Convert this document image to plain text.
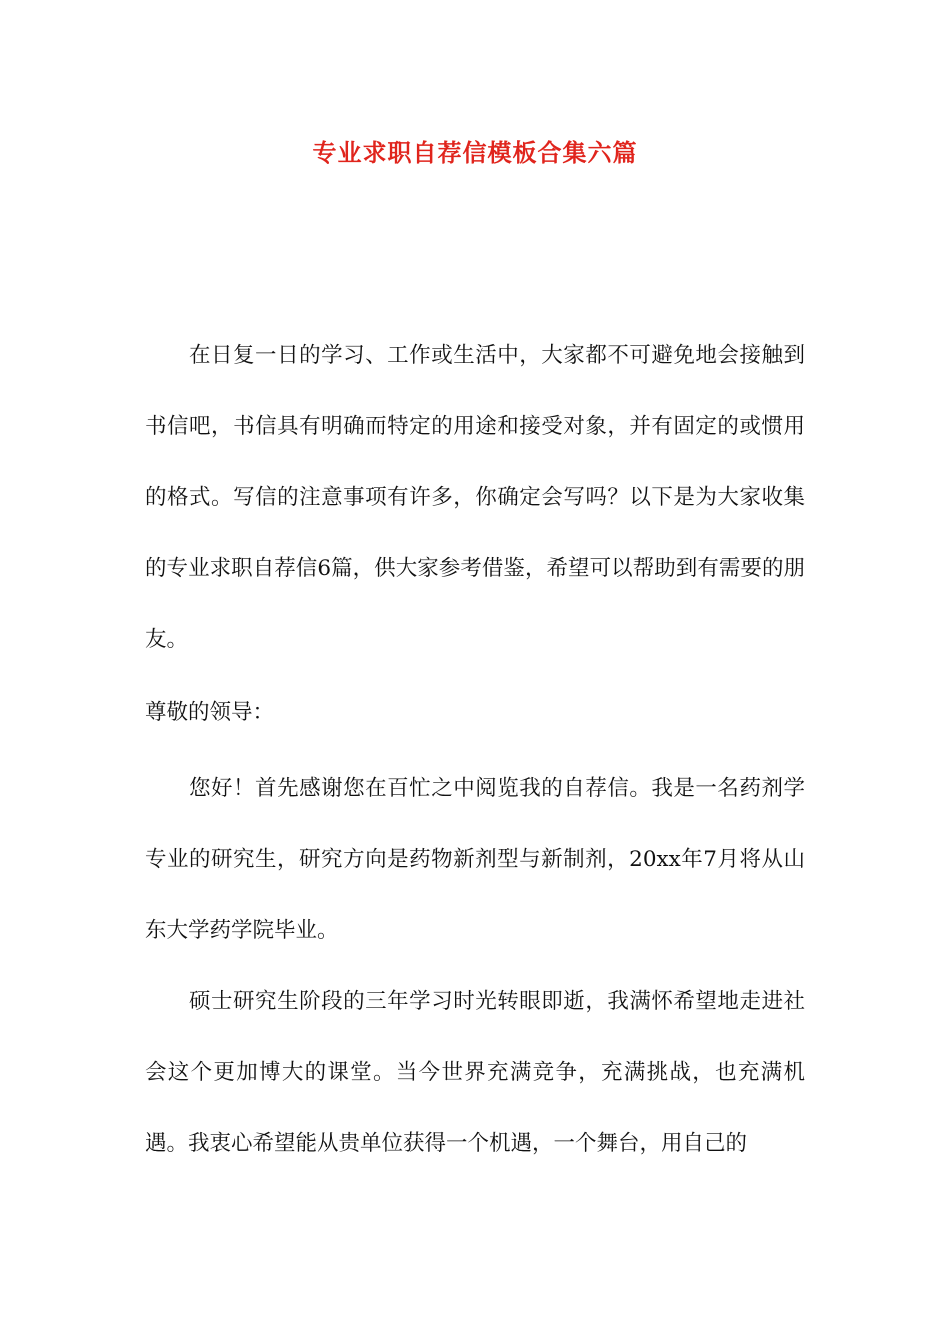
专业求职自荐信模板合集六篇

在日复一日的学习、工作或生活中，大家都不可避免地会接触到书信吧，书信具有明确而特定的用途和接受对象，并有固定的或惯用的格式。写信的注意事项有许多，你确定会写吗？以下是为大家收集的专业求职自荐信6篇，供大家参考借鉴，希望可以帮助到有需要的朋友。

尊敬的领导：

您好！首先感谢您在百忙之中阅览我的自荐信。我是一名药剂学专业的研究生，研究方向是药物新剂型与新制剂，20xx年7月将从山东大学药学院毕业。

硕士研究生阶段的三年学习时光转眼即逝，我满怀希望地走进社会这个更加博大的课堂。当今世界充满竞争，充满挑战，也充满机遇。我衷心希望能从贵单位获得一个机遇，一个舞台，用自己的
